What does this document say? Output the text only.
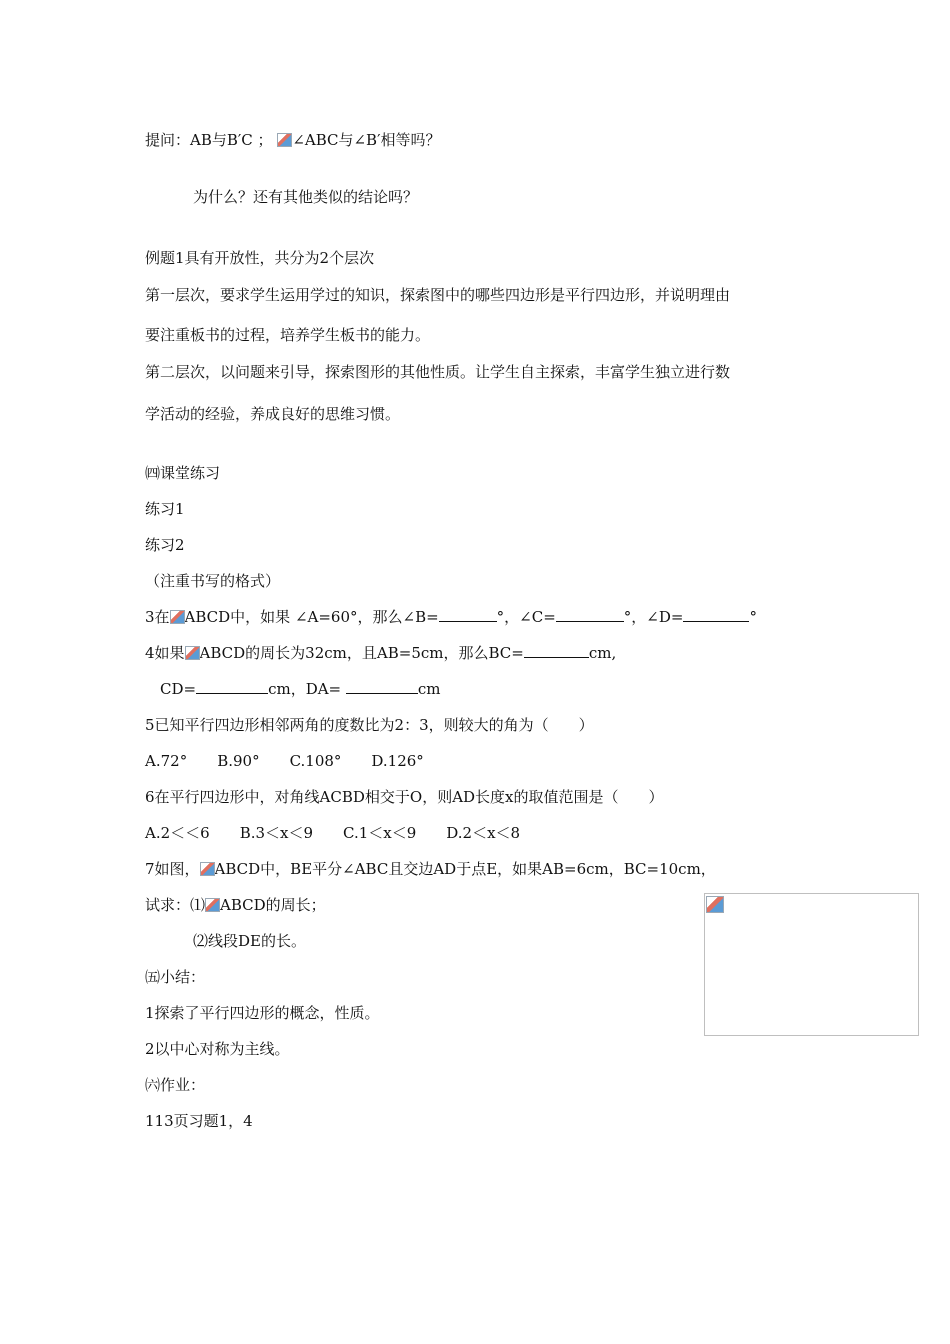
提问：AB与B′C ； ∠ABC与∠B′相等吗？
为什么？还有其他类似的结论吗？
例题1具有开放性，共分为2个层次
第一层次，要求学生运用学过的知识，探索图中的哪些四边形是平行四边形，并说明理由
要注重板书的过程，培养学生板书的能力。
第二层次，以问题来引导，探索图形的其他性质。让学生自主探索，丰富学生独立进行数
学活动的经验，养成良好的思维习惯。
㈣课堂练习
练习1
练习2
（注重书写的格式）
3在 ABCD中，如果 ∠A=60°，那么∠B=	°，∠C=	°，∠D=	°
4如果 ABCD的周长为32cm，且AB=5cm，那么BC=	cm,
CD=	cm，DA=	cm
5已知平行四边形相邻两角的度数比为2：3，则较大的角为（　　）
A.72°　　B.90°　　C.108°　　D.126°
6在平行四边形中，对角线ACBD相交于O，则AD长度x的取值范围是（　　）
A.2＜＜6　　B.3＜x＜9　　C.1＜x＜9　　D.2＜x＜8
7如图， ABCD中，BE平分∠ABC且交边AD于点E，如果AB=6cm，BC=10cm，
试求：⑴ ABCD的周长；
⑵线段DE的长。
㈤小结：
1探索了平行四边形的概念，性质。
2以中心对称为主线。
㈥作业：
113页习题1，4
